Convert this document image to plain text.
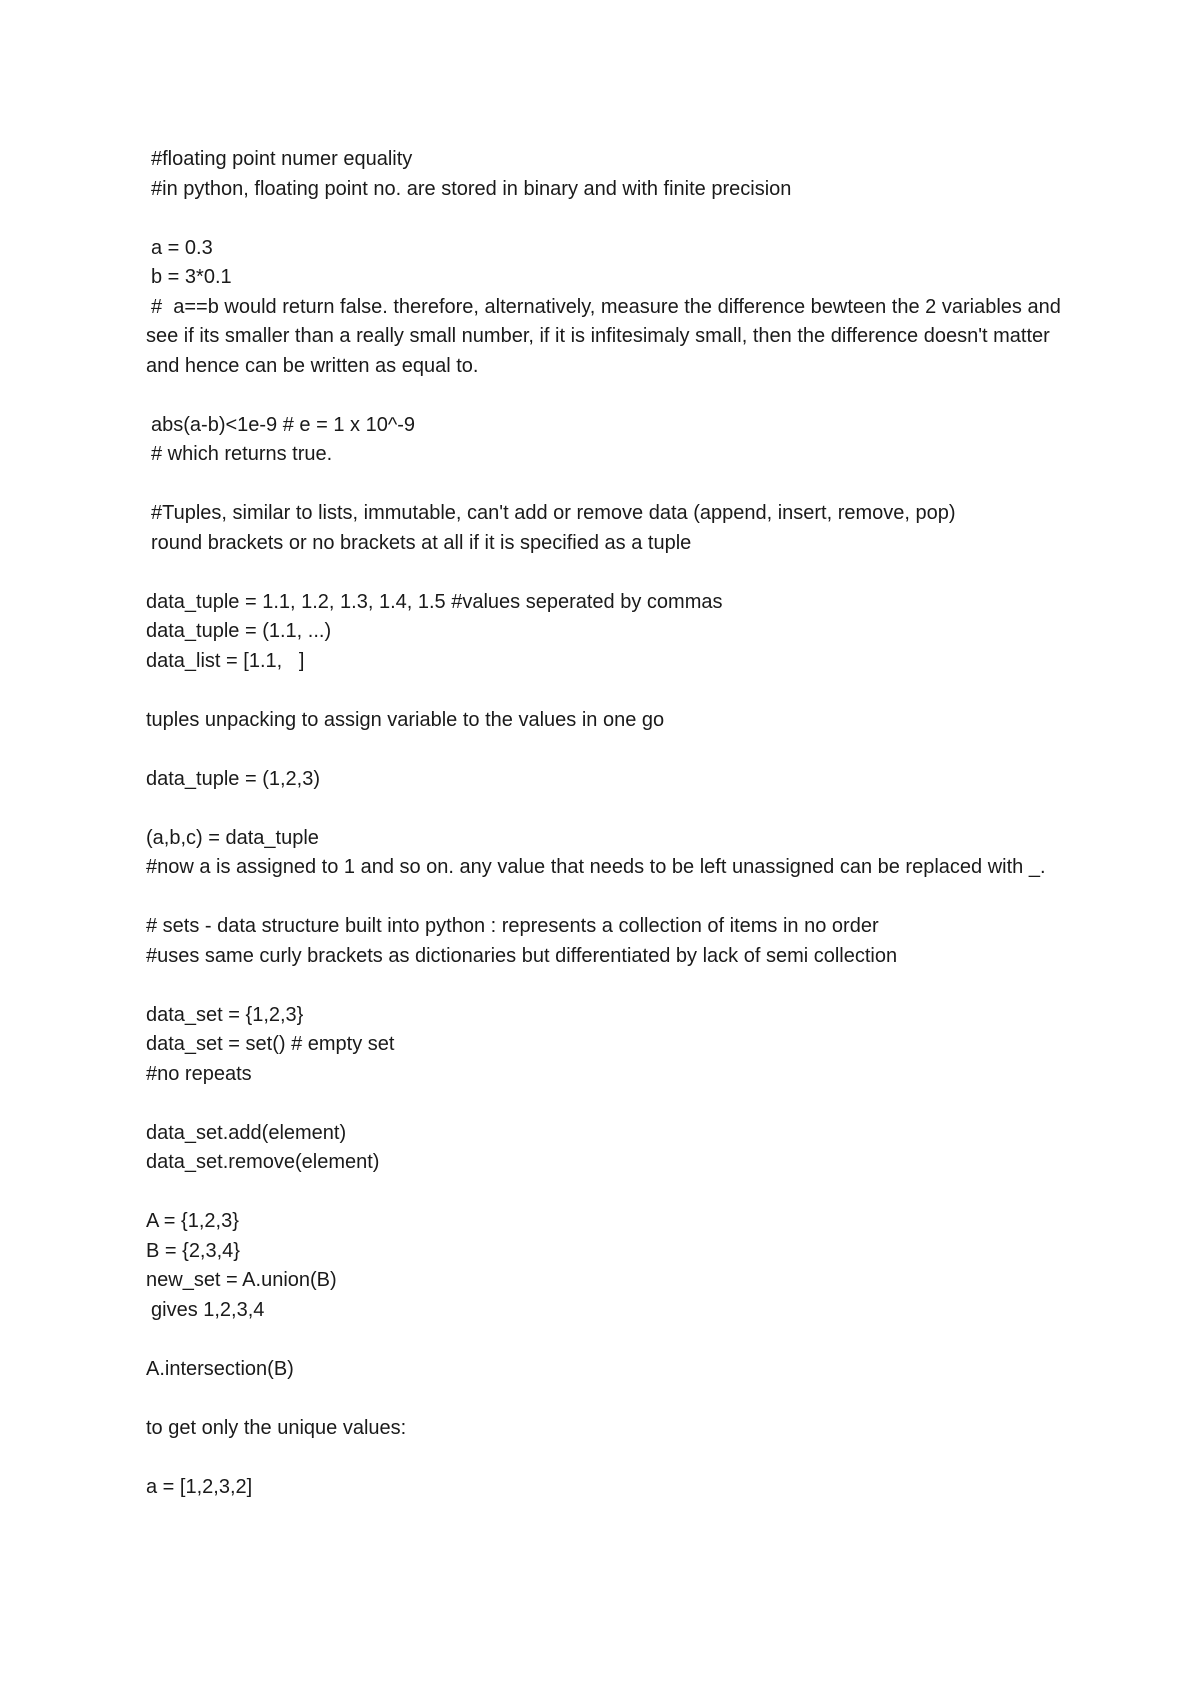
#floating point numer equality
#in python, floating point no. are stored in binary and with finite precision
a = 0.3
b = 3*0.1
#  a==b would return false. therefore, alternatively, measure the difference bewteen the 2 variables and see if its smaller than a really small number, if it is infitesimaly small, then the difference doesn't matter and hence can be written as equal to.
abs(a-b)<1e-9 # e = 1 x 10^-9
# which returns true.
#Tuples, similar to lists, immutable, can't add or remove data (append, insert, remove, pop)
round brackets or no brackets at all if it is specified as a tuple
data_tuple = 1.1, 1.2, 1.3, 1.4, 1.5 #values seperated by commas
data_tuple = (1.1, ...)
data_list = [1.1,   ]
tuples unpacking to assign variable to the values in one go
data_tuple = (1,2,3)
(a,b,c) = data_tuple
#now a is assigned to 1 and so on. any value that needs to be left unassigned can be replaced with _.
# sets - data structure built into python : represents a collection of items in no order
#uses same curly brackets as dictionaries but differentiated by lack of semi collection
data_set = {1,2,3}
data_set = set() # empty set
#no repeats
data_set.add(element)
data_set.remove(element)
A = {1,2,3}
B = {2,3,4}
new_set = A.union(B)
gives 1,2,3,4
A.intersection(B)
to get only the unique values:
a = [1,2,3,2]
